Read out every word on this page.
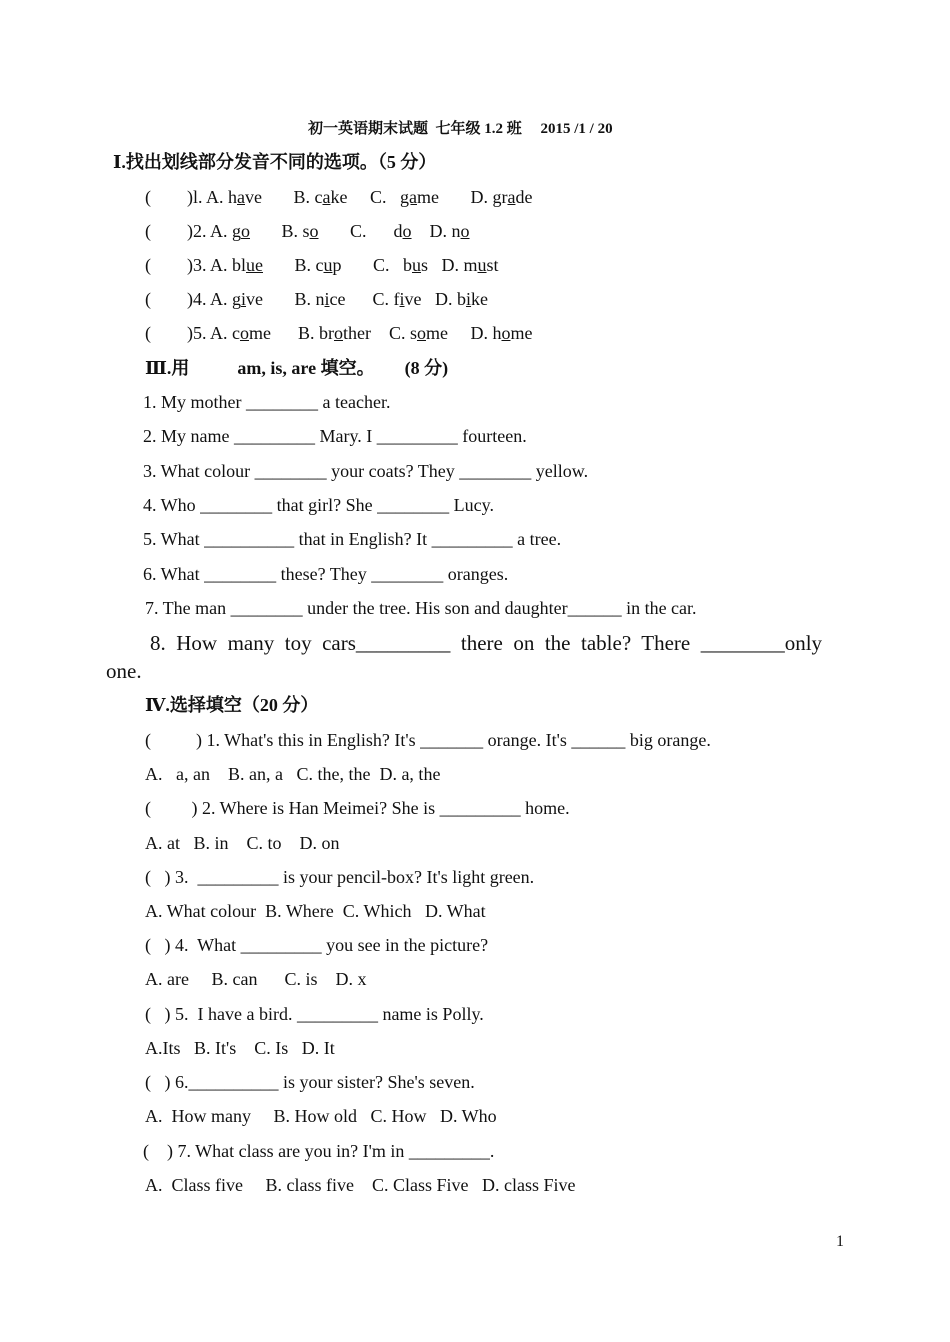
初一英语期末试题  七年级 1.2 班     2015 /1 / 20
Ⅰ.找出划线部分发音不同的选项。（5 分）
(        )l. A. have       B. cake     C.   game       D. grade
(        )2. A. go       B. so       C.      do    D. no
(        )3. A. blue       B. cup       C.   bus   D. must
(        )4. A. give       B. nice      C. five   D. bike
(        )5. A. come      B. brother    C. some     D. home
Ⅲ.用	am, is, are 填空。 (8 分)
1. My mother ________ a teacher.
2. My name _________ Mary. I _________ fourteen.
3. What colour ________ your coats? They ________ yellow.
4. Who ________ that girl? She ________ Lucy.
5. What __________ that in English? It _________ a tree.
6. What ________ these? They ________ oranges.
7. The man ________ under the tree. His son and daughter______ in the car.
8.  How  many  toy  cars_________  there  on  the  table?  There  ________only
one.
Ⅳ.选择填空（20 分）
(          ) 1. What's this in English? It's _______ orange. It's ______ big orange.
A.   a, an    B. an, a   C. the, the  D. a, the
(         ) 2. Where is Han Meimei? She is _________ home.
A. at   B. in    C. to    D. on
(   ) 3.  _________ is your pencil-box? It's light green.
A. What colour  B. Where  C. Which   D. What
(   ) 4.  What _________ you see in the picture?
A. are     B. can      C. is    D. x
(   ) 5.  I have a bird. _________ name is Polly.
A.Its   B. It's    C. Is   D. It
(   ) 6.__________ is your sister? She's seven.
A.  How many     B. How old   C. How   D. Who
(    ) 7. What class are you in? I'm in _________.
A.  Class five     B. class five    C. Class Five   D. class Five
1
